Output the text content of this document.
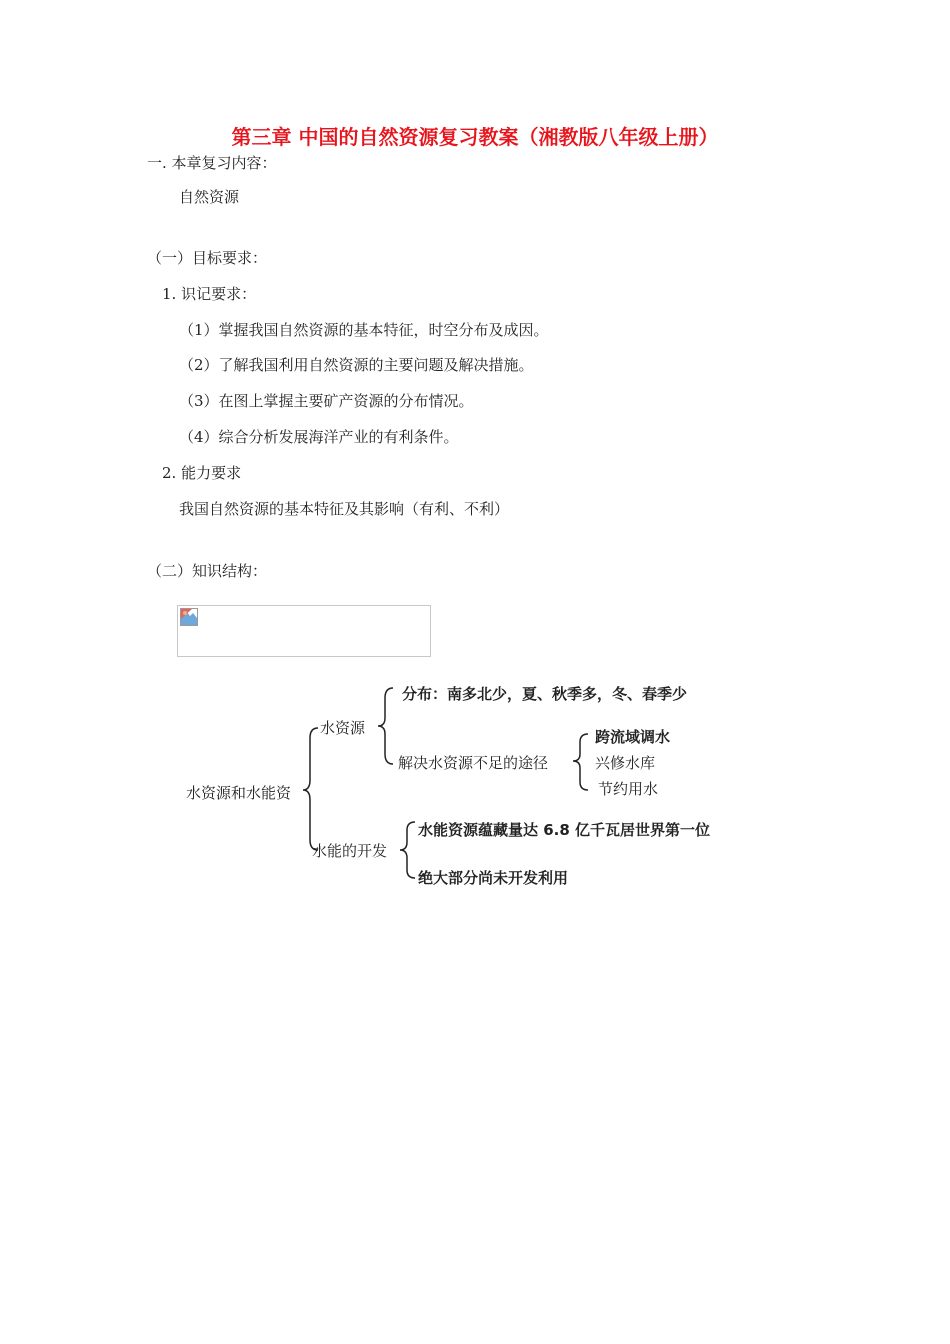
第三章 中国的自然资源复习教案（湘教版八年级上册）
一. 本章复习内容：
自然资源
（一）目标要求：
1. 识记要求：
（1）掌握我国自然资源的基本特征，时空分布及成因。
（2）了解我国利用自然资源的主要问题及解决措施。
（3）在图上掌握主要矿产资源的分布情况。
（4）综合分析发展海洋产业的有利条件。
2. 能力要求
我国自然资源的基本特征及其影响（有利、不利）
（二）知识结构：
水资源和水能资
水资源
分布：南多北少，夏、秋季多，冬、春季少
解决水资源不足的途径
跨流域调水
兴修水库
节约用水
水能的开发
水能资源蕴藏量达 6.8 亿千瓦居世界第一位
绝大部分尚未开发利用
